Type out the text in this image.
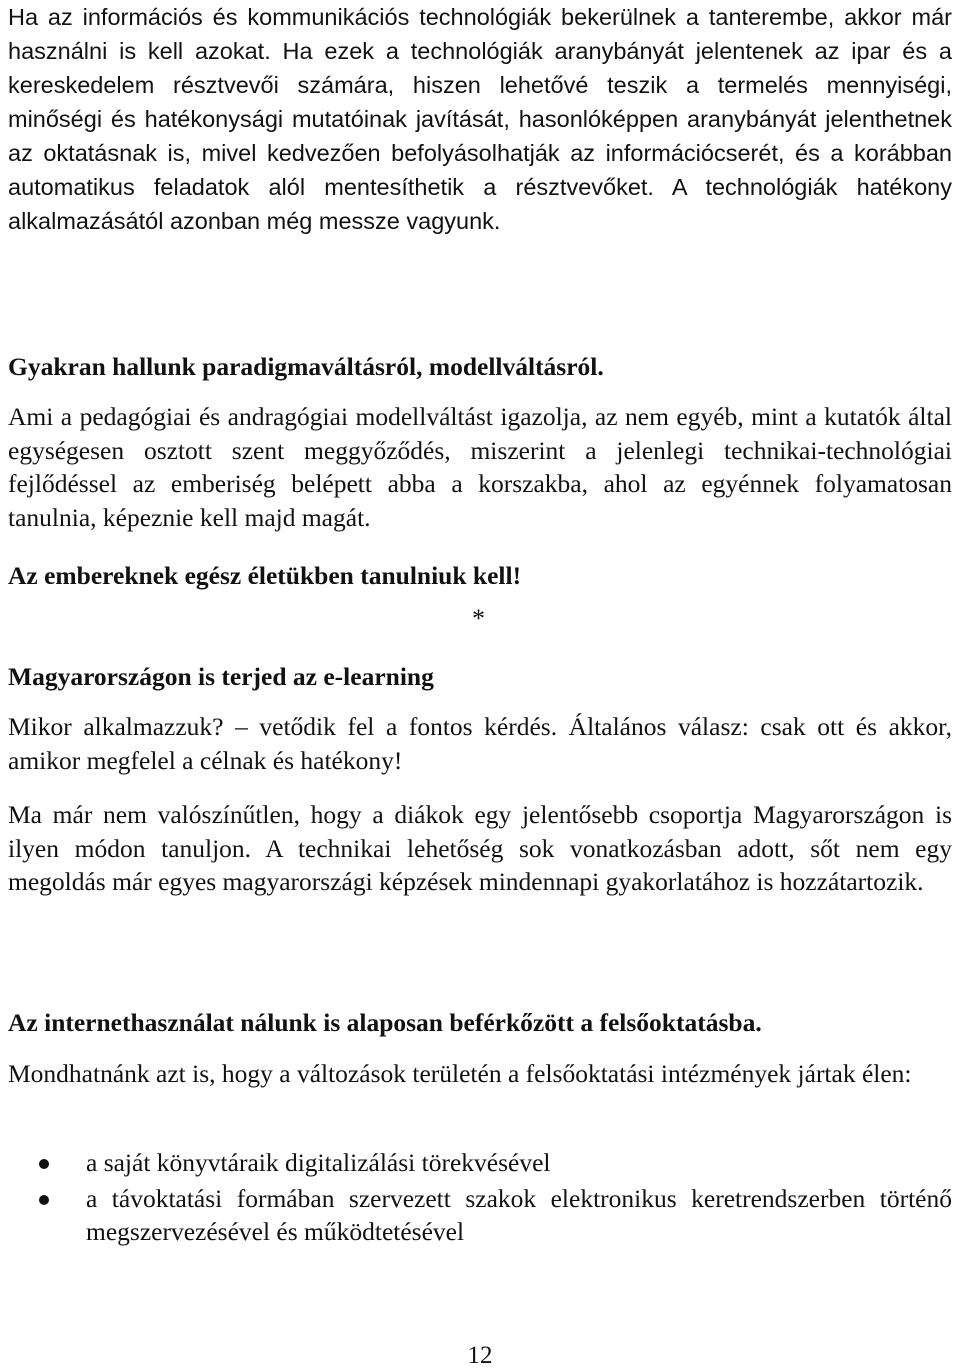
Ha az információs és kommunikációs technológiák bekerülnek a tanterembe, akkor már használni is kell azokat. Ha ezek a technológiák aranybányát jelentenek az ipar és a kereskedelem résztvevői számára, hiszen lehetővé teszik a termelés mennyiségi, minőségi és hatékonysági mutatóinak javítását, hasonlóképpen aranybányát jelenthetnek az oktatásnak is, mivel kedvezően befolyásolhatják az információcserét, és a korábban automatikus feladatok alól mentesíthetik a résztvevőket. A technológiák hatékony alkalmazásától azonban még messze vagyunk.
Gyakran hallunk paradigmaváltásról, modellváltásról.
Ami a pedagógiai és andragógiai modellváltást igazolja, az nem egyéb, mint a kutatók által egységesen osztott szent meggyőződés, miszerint a jelenlegi technikai-technológiai fejlődéssel az emberiség belépett abba a korszakba, ahol az egyénnek folyamatosan tanulnia, képeznie kell majd magát.
Az embereknek egész életükben tanulniuk kell!
*
Magyarországon is terjed az e-learning
Mikor alkalmazzuk? – vetődik fel a fontos kérdés. Általános válasz: csak ott és akkor, amikor megfelel a célnak és hatékony!
Ma már nem valószínűtlen, hogy a diákok egy jelentősebb csoportja Magyarországon is ilyen módon tanuljon. A technikai lehetőség sok vonatkozásban adott, sőt nem egy megoldás már egyes magyarországi képzések mindennapi gyakorlatához is hozzátartozik.
Az internethasználat nálunk is alaposan beférkőzött a felsőoktatásba.
Mondhatnánk azt is, hogy a változások területén a felsőoktatási intézmények jártak élen:
a saját könyvtáraik digitalizálási törekvésével
a távoktatási formában szervezett szakok elektronikus keretrendszerben történő megszervezésével és működtetésével
12
